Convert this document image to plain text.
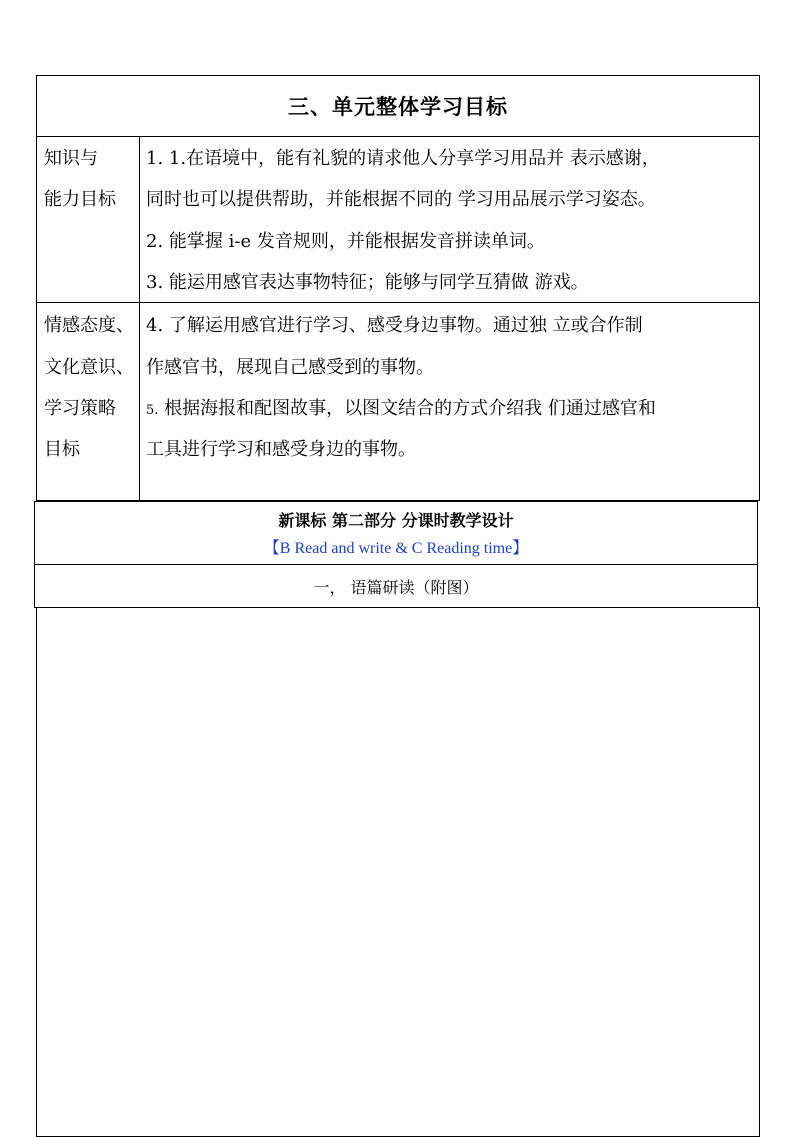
三、单元整体学习目标
知识与
能力目标
1. 1.在语境中，能有礼貌的请求他人分享学习用品并 表示感谢，
同时也可以提供帮助，并能根据不同的 学习用品展示学习姿态。
2. 能掌握 i-e 发音规则，并能根据发音拼读单词。
3. 能运用感官表达事物特征；能够与同学互猜做 游戏。
情感态度、
文化意识、
学习策略
目标
4. 了解运用感官进行学习、感受身边事物。通过独 立或合作制
作感官书，展现自己感受到的事物。
5. 根据海报和配图故事，以图文结合的方式介绍我 们通过感官和
工具进行学习和感受身边的事物。
新课标 第二部分 分课时教学设计
【B Read and write & C Reading time】
一， 语篇研读（附图）
